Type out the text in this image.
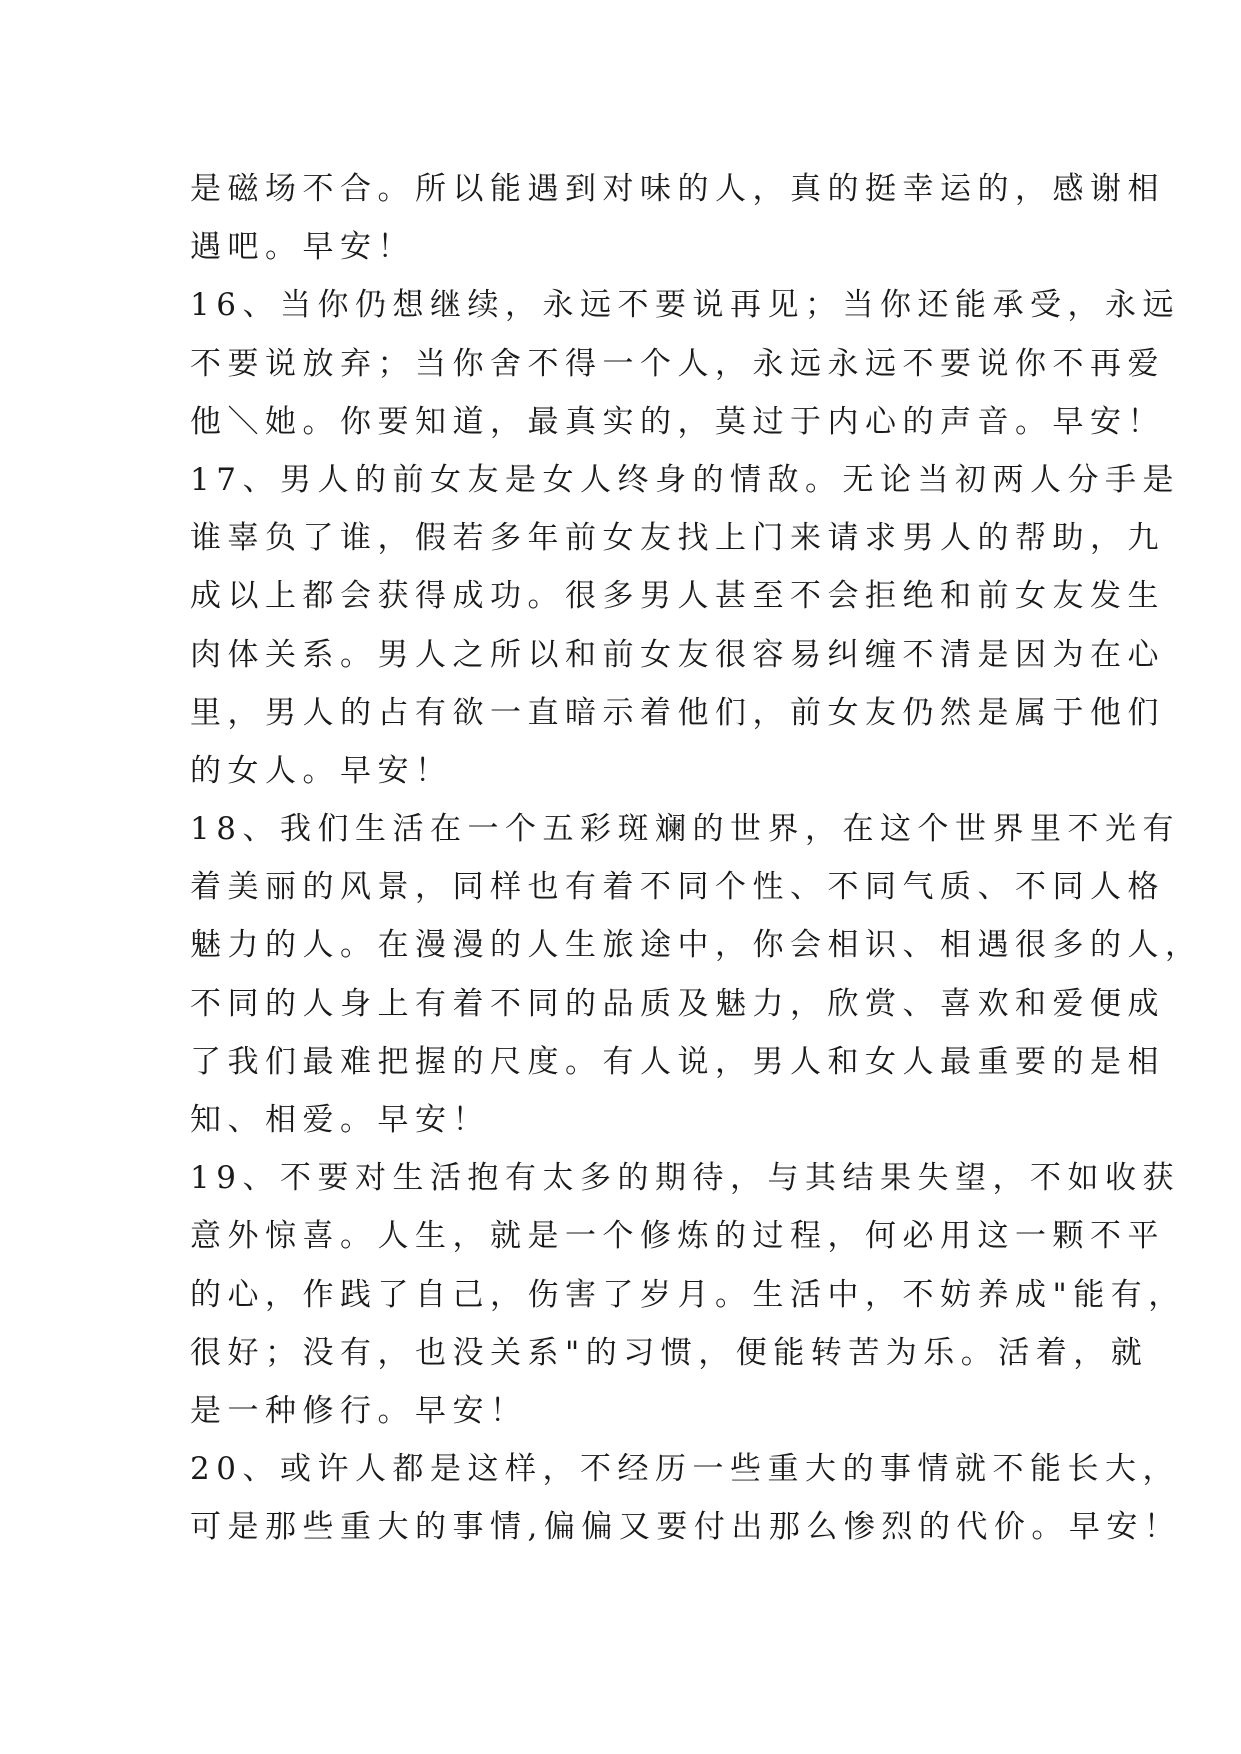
是磁场不合。所以能遇到对味的人，真的挺幸运的，感谢相
遇吧。早安！
16、当你仍想继续，永远不要说再见；当你还能承受，永远
不要说放弃；当你舍不得一个人，永远永远不要说你不再爱
他＼她。你要知道，最真实的，莫过于内心的声音。早安！
17、男人的前女友是女人终身的情敌。无论当初两人分手是
谁辜负了谁，假若多年前女友找上门来请求男人的帮助，九
成以上都会获得成功。很多男人甚至不会拒绝和前女友发生
肉体关系。男人之所以和前女友很容易纠缠不清是因为在心
里，男人的占有欲一直暗示着他们，前女友仍然是属于他们
的女人。早安！
18、我们生活在一个五彩斑斓的世界，在这个世界里不光有
着美丽的风景，同样也有着不同个性、不同气质、不同人格
魅力的人。在漫漫的人生旅途中，你会相识、相遇很多的人，
不同的人身上有着不同的品质及魅力，欣赏、喜欢和爱便成
了我们最难把握的尺度。有人说，男人和女人最重要的是相
知、相爱。早安！
19、不要对生活抱有太多的期待，与其结果失望，不如收获
意外惊喜。人生，就是一个修炼的过程，何必用这一颗不平
的心，作践了自己，伤害了岁月。生活中，不妨养成"能有，
很好；没有，也没关系"的习惯，便能转苦为乐。活着，就
是一种修行。早安！
20、或许人都是这样，不经历一些重大的事情就不能长大，
可是那些重大的事情,偏偏又要付出那么惨烈的代价。早安！
